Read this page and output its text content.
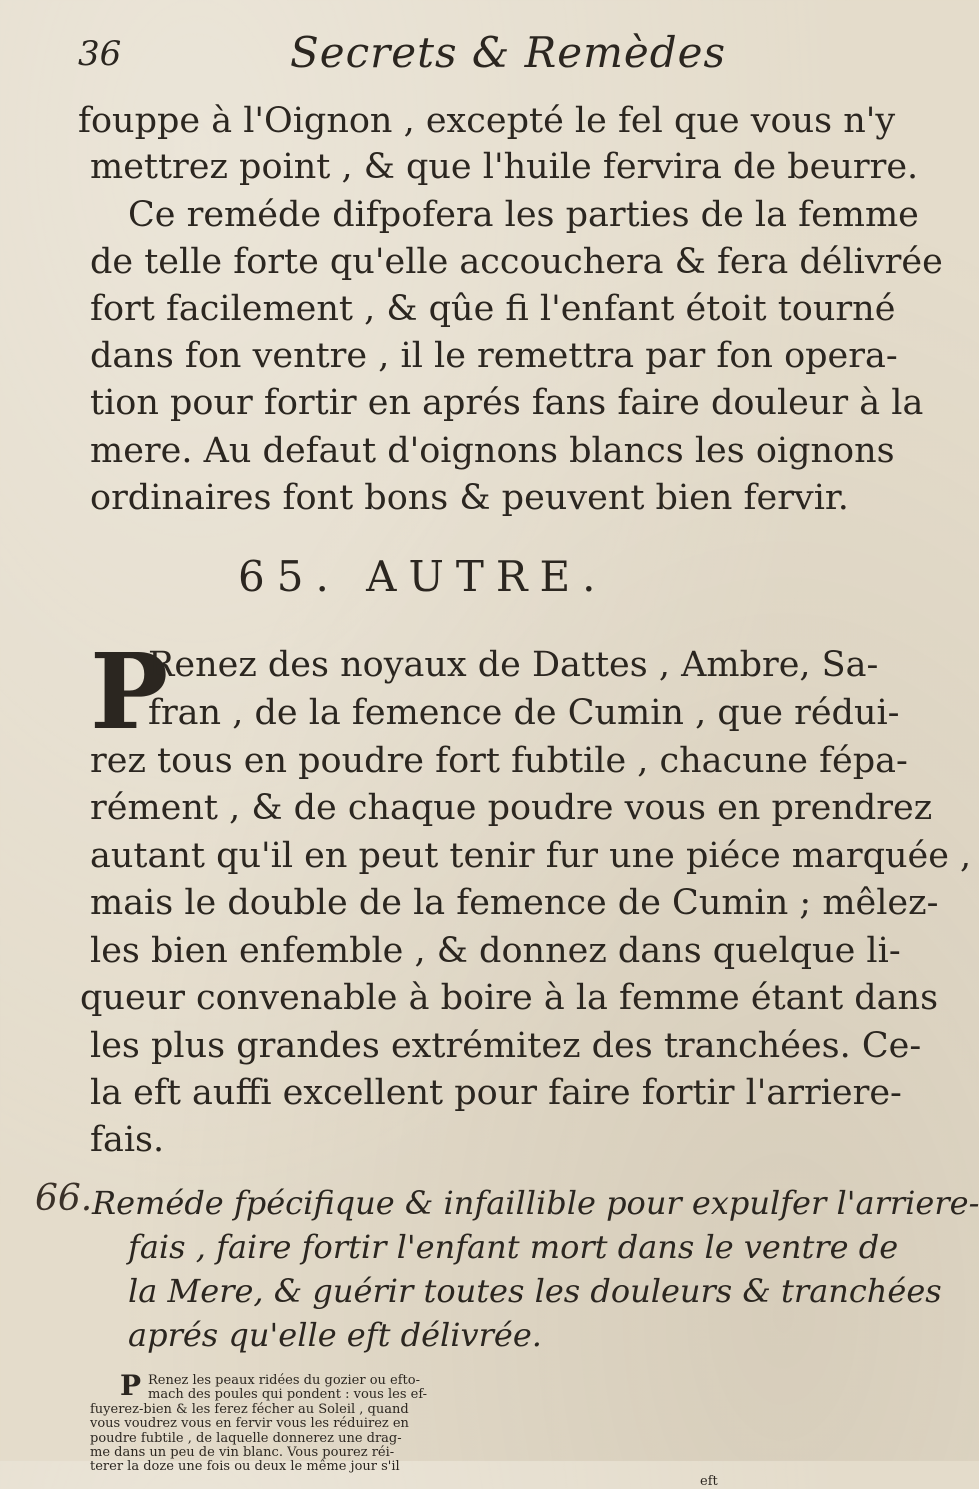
36	Secrets & Remèdes
fouppe à l'Oignon , excepté le fel que vous n'y
mettrez point , & que l'huile fervira de beurre.
Ce reméde difpofera les parties de la femme
de telle forte qu'elle accouchera & fera délivrée
fort facilement , & qûe fi l'enfant étoit tourné
dans fon ventre , il le remettra par fon opera-
tion pour fortir en aprés fans faire douleur à la
mere. Au defaut d'oignons blancs les oignons
ordinaires font bons & peuvent bien fervir.
65. AUTRE.
P
Renez des noyaux de Dattes , Ambre, Sa-
fran , de la femence de Cumin , que rédui-
rez tous en poudre fort fubtile , chacune fépa-
rément , & de chaque poudre vous en prendrez
autant qu'il en peut tenir fur une piéce marquée ,
mais le double de la femence de Cumin ; mêlez-
les bien enfemble , & donnez dans quelque li-
queur convenable à boire à la femme étant dans
les plus grandes extrémitez des tranchées. Ce-
la eft auffi excellent pour faire fortir l'arriere-
fais.
66. Reméde fpécifique & infaillible pour expulfer l'arriere-
fais , faire fortir l'enfant mort dans le ventre de
la Mere, & guérir toutes les douleurs & tranchées
aprés qu'elle eft délivrée.
P Renez les peaux ridées du gozier ou efto-
mach des poules qui pondent : vous les ef-
fuyerez-bien & les ferez fécher au Soleil , quand
vous voudrez vous en fervir vous les réduirez en
poudre fubtile , de laquelle donnerez une drag-
me dans un peu de vin blanc. Vous pourez réi-
terer la doze une fois ou deux le même jour s'il
eft
